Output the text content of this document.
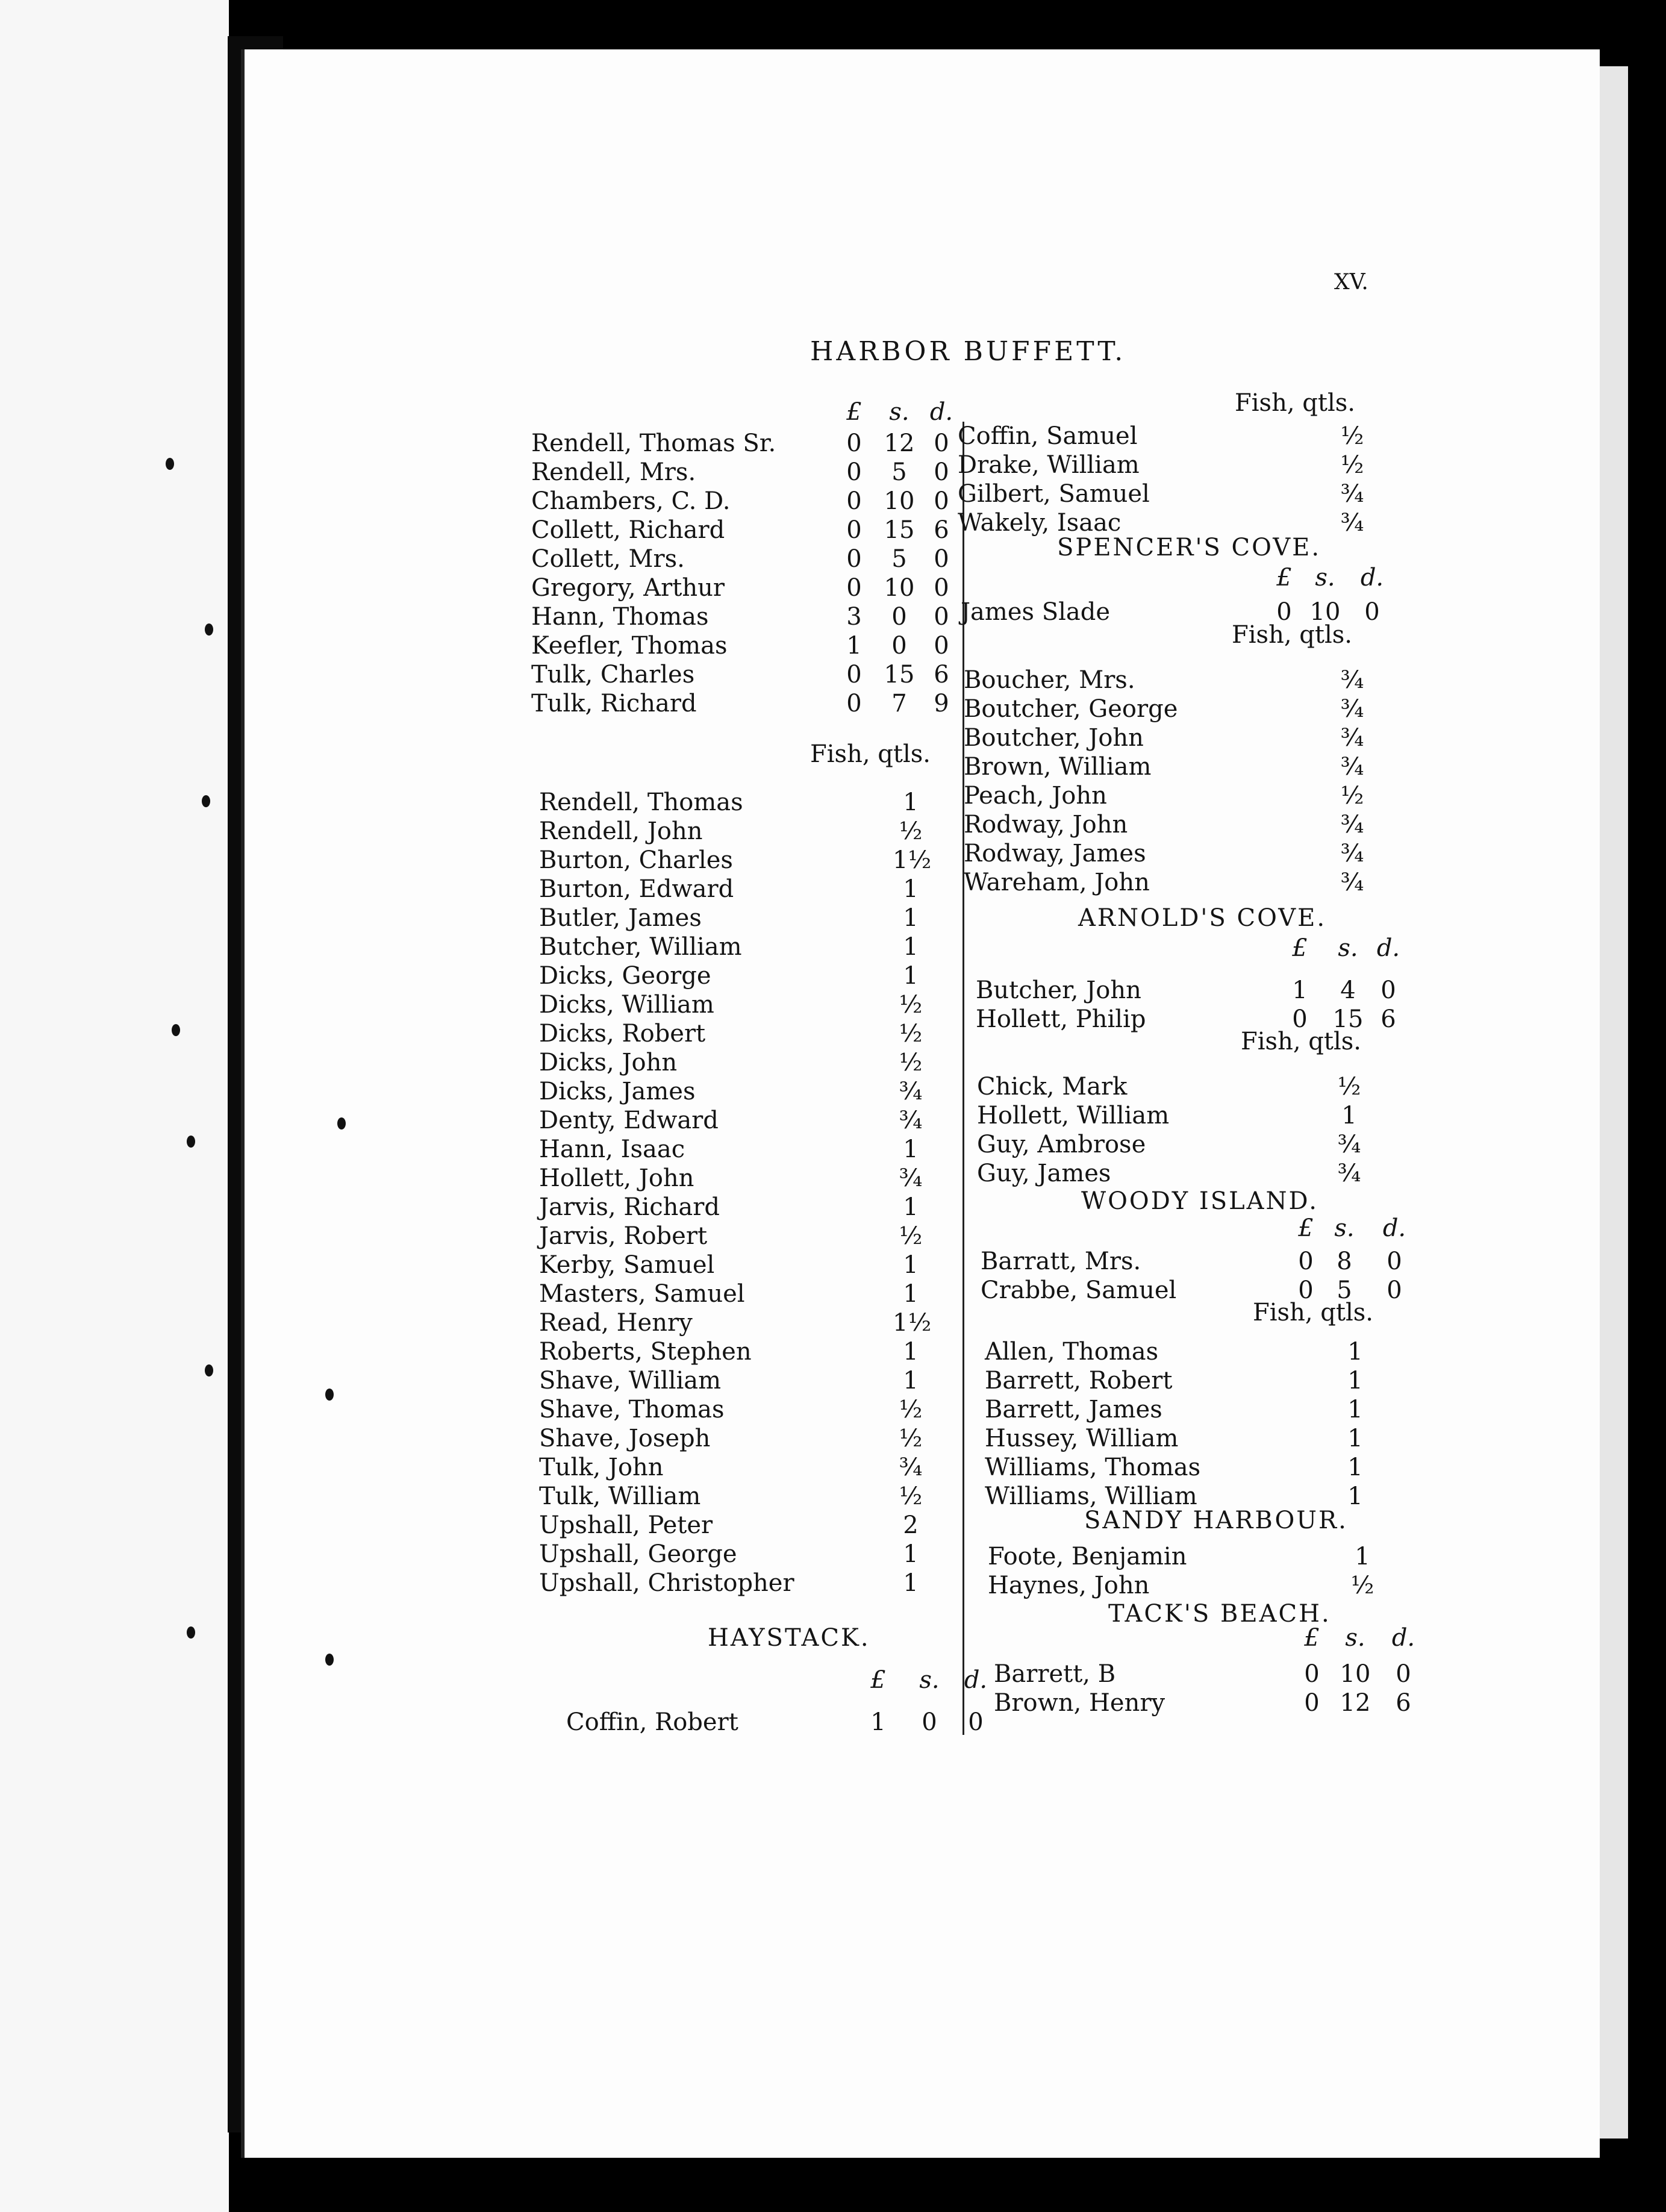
XV.
HARBOR BUFFETT.
£	s. d.
Rendell, Thomas Sr.	0 12 0
Rendell, Mrs.	0	5	0
Chambers, C. D.	0 10 0
Collett, Richard	0 15 6
Collett, Mrs.	0	5	0
Gregory, Arthur	0 10 0
Hann, Thomas	3	0	0
Keefler, Thomas	1	0	0
Tulk, Charles	0 15 6
Tulk, Richard	0	7	9
Fish, qtls.
Rendell, Thomas	1
Rendell, John	½
Burton, Charles	1½
Burton, Edward	1
Butler, James	1
Butcher, William	1
Dicks, George	1
Dicks, William	½
Dicks, Robert	½
Dicks, John	½
Dicks, James	¾
Denty, Edward	¾
Hann, Isaac	1
Hollett, John	¾
Jarvis, Richard	1
Jarvis, Robert	½
Kerby, Samuel	1
Masters, Samuel	1
Read, Henry	1½
Roberts, Stephen	1
Shave, William	1
Shave, Thomas	½
Shave, Joseph	½
Tulk, John	¾
Tulk, William	½
Upshall, Peter	2
Upshall, George	1
Upshall, Christopher	1
HAYSTACK.
£	s.	d.
Coffin, Robert	1	0	0
Fish, qtls.
Coffin, Samuel	½
Drake, William	½
Gilbert, Samuel	¾
Wakely, Isaac	¾
SPENCER'S COVE.
£ s.	d.
James Slade	0 10 0
Fish, qtls.
Boucher, Mrs.	¾
Boutcher, George	¾
Boutcher, John	¾
Brown, William	¾
Peach, John	½
Rodway, John	¾
Rodway, James	¾
Wareham, John	¾
ARNOLD'S COVE.
£	s. d.
Butcher, John	1	4	0
Hollett, Philip	0	15 6
Fish, qtls.
Chick, Mark	½
Hollett, William	1
Guy, Ambrose	¾
Guy, James	¾
WOODY ISLAND.
£ s.	d.
Barratt, Mrs.	0 8	0
Crabbe, Samuel	0 5	0
Fish, qtls.
Allen, Thomas	1
Barrett, Robert	1
Barrett, James	1
Hussey, William	1
Williams, Thomas	1
Williams, William	1
SANDY HARBOUR.
Foote, Benjamin	1
Haynes, John	½
TACK'S BEACH.
£	s.	d.
Barrett, B	0 10	0
Brown, Henry	0 12	6
